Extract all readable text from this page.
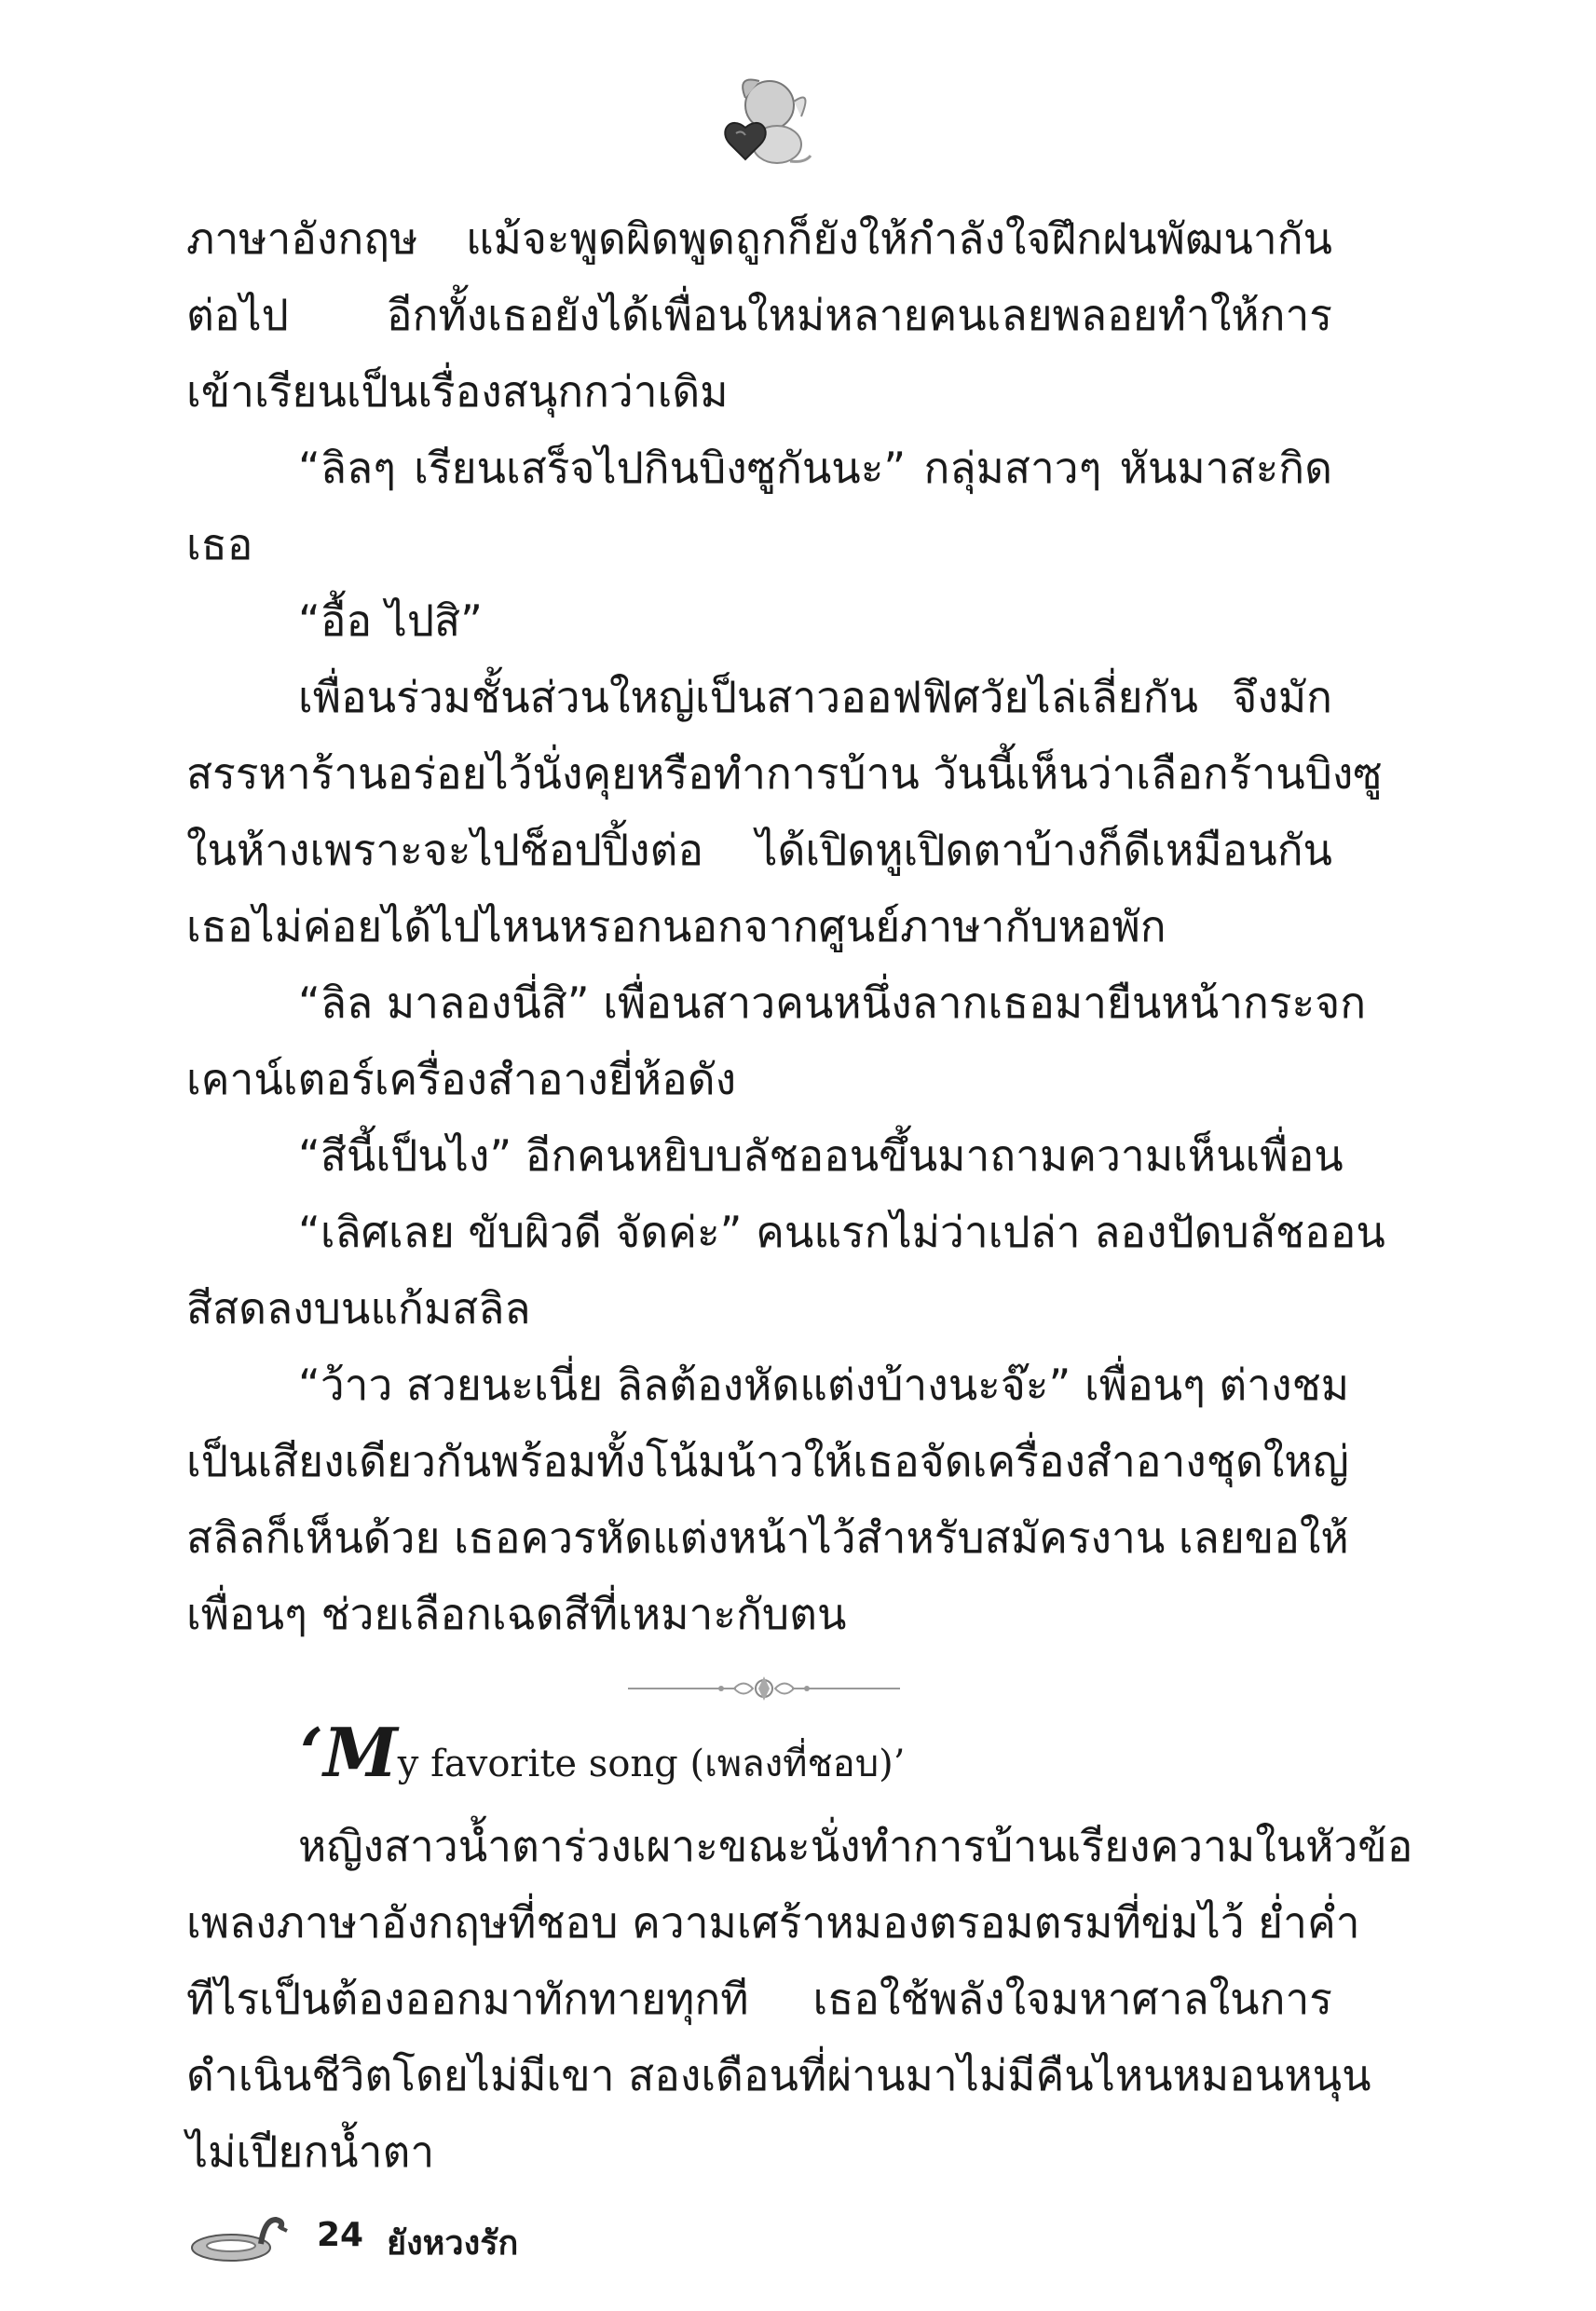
ภาษาอังกฤษ แม้จะพูดผิดพูดถูกก็ยังให้กำลังใจฝึกฝนพัฒนากัน
ต่อไป อีกทั้งเธอยังได้เพื่อนใหม่หลายคนเลยพลอยทำให้การ
เข้าเรียนเป็นเรื่องสนุกกว่าเดิม
“ลิลๆ เรียนเสร็จไปกินบิงซูกันนะ” กลุ่มสาวๆ หันมาสะกิด
เธอ
“อื้อ ไปสิ”
เพื่อนร่วมชั้นส่วนใหญ่เป็นสาวออฟฟิศวัยไล่เลี่ยกัน จึงมัก
สรรหาร้านอร่อยไว้นั่งคุยหรือทำการบ้าน วันนี้เห็นว่าเลือกร้านบิงซู
ในห้างเพราะจะไปช็อปปิ้งต่อ ได้เปิดหูเปิดตาบ้างก็ดีเหมือนกัน
เธอไม่ค่อยได้ไปไหนหรอกนอกจากศูนย์ภาษากับหอพัก
“ลิล มาลองนี่สิ” เพื่อนสาวคนหนึ่งลากเธอมายืนหน้ากระจก
เคาน์เตอร์เครื่องสำอางยี่ห้อดัง
“สีนี้เป็นไง” อีกคนหยิบบลัชออนขึ้นมาถามความเห็นเพื่อน
“เลิศเลย ขับผิวดี จัดค่ะ” คนแรกไม่ว่าเปล่า ลองปัดบลัชออน
สีสดลงบนแก้มสลิล
“ว้าว สวยนะเนี่ย ลิลต้องหัดแต่งบ้างนะจ๊ะ” เพื่อนๆ ต่างชม
เป็นเสียงเดียวกันพร้อมทั้งโน้มน้าวให้เธอจัดเครื่องสำอางชุดใหญ่
สลิลก็เห็นด้วย เธอควรหัดแต่งหน้าไว้สำหรับสมัครงาน เลยขอให้
เพื่อนๆ ช่วยเลือกเฉดสีที่เหมาะกับตน
‘My favorite song (เพลงที่ชอบ)’
หญิงสาวน้ำตาร่วงเผาะขณะนั่งทำการบ้านเรียงความในหัวข้อ
เพลงภาษาอังกฤษที่ชอบ ความเศร้าหมองตรอมตรมที่ข่มไว้ ย่ำค่ำ
ทีไรเป็นต้องออกมาทักทายทุกที เธอใช้พลังใจมหาศาลในการ
ดำเนินชีวิตโดยไม่มีเขา สองเดือนที่ผ่านมาไม่มีคืนไหนหมอนหนุน
ไม่เปียกน้ำตา
24 ยังหวงรัก
